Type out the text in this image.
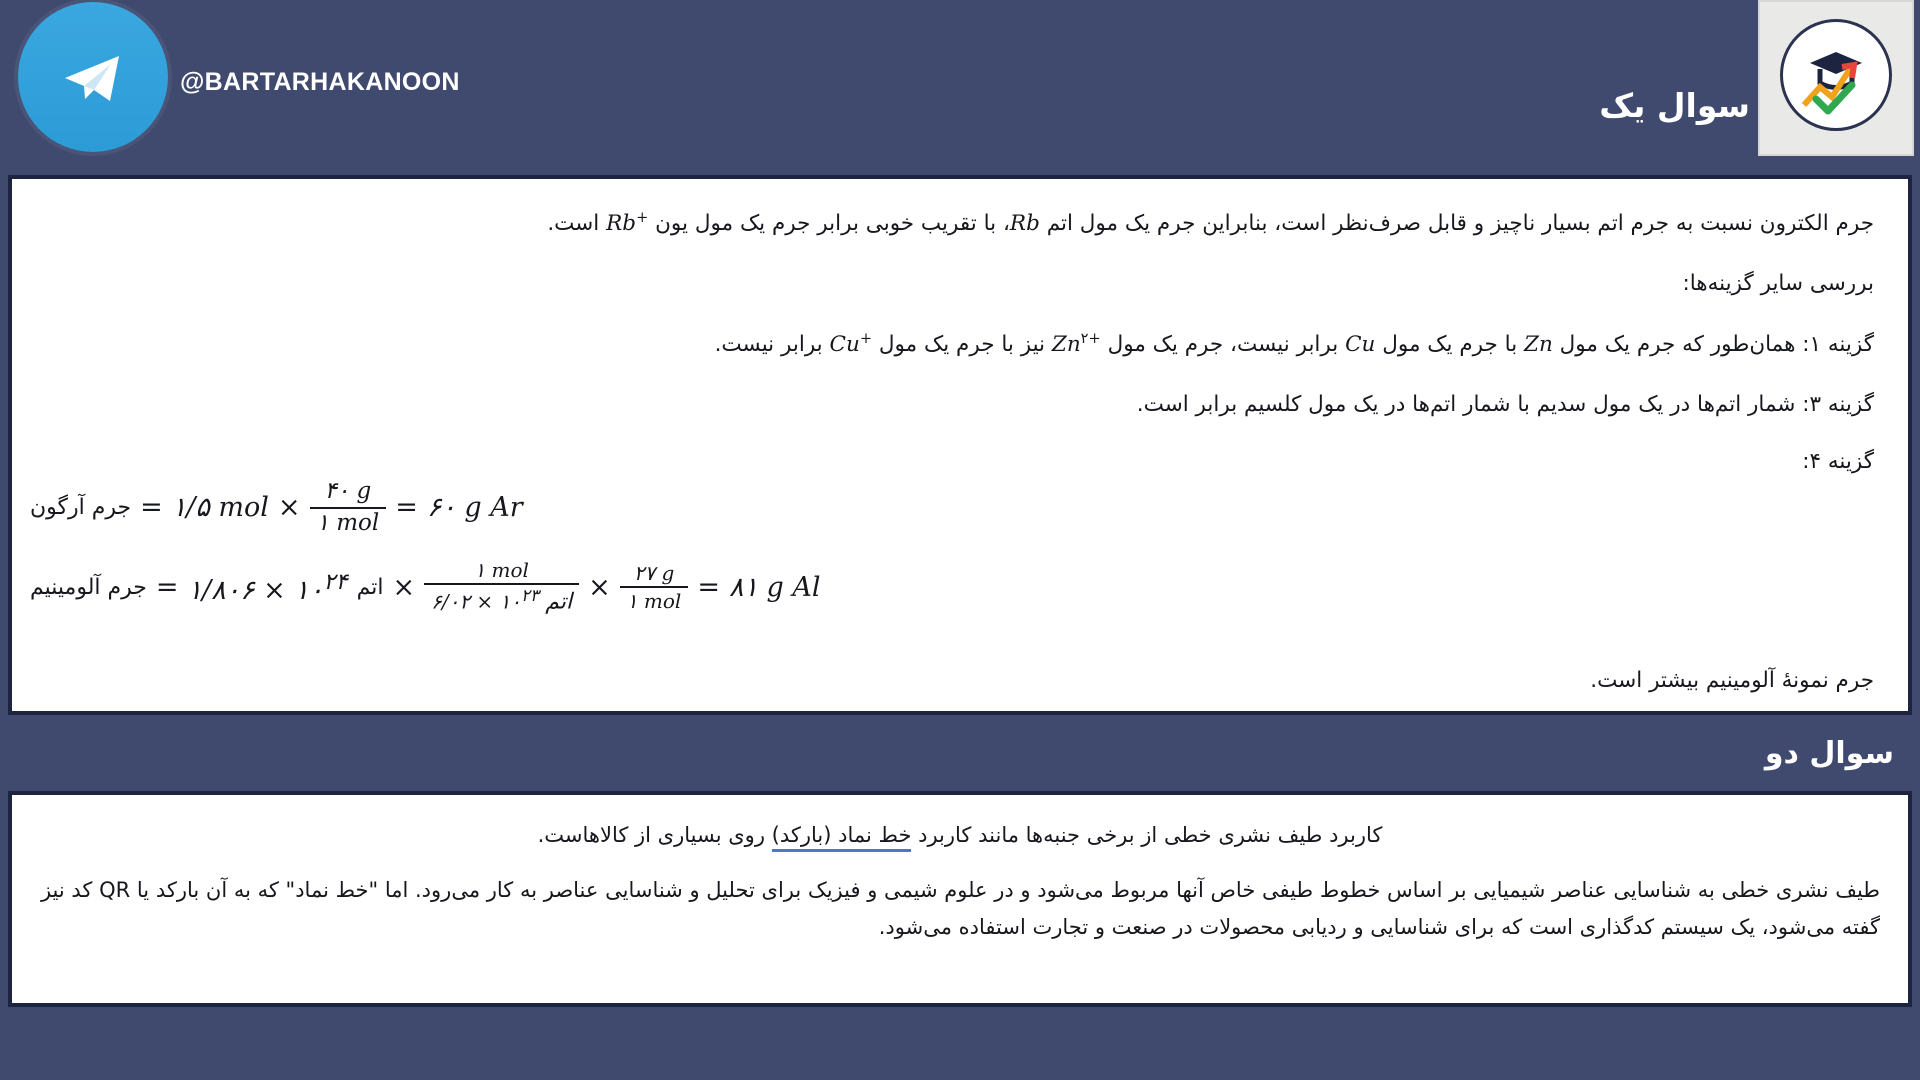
@BARTARHAKANOON

سوال یک

جرم الکترون نسبت به جرم اتم بسیار ناچیز و قابل صرف‌نظر است، بنابراین جرم یک مول اتم Rb، با تقریب خوبی برابر جرم یک مول یون Rb+ است.

بررسی سایر گزینه‌ها:

گزینه ۱: همان‌طور که جرم یک مول Zn با جرم یک مول Cu برابر نیست، جرم یک مول $Zn^{۲+}$ نیز با جرم یک مول Cu+ برابر نیست.

گزینه ۳: شمار اتم‌ها در یک مول سدیم با شمار اتم‌ها در یک مول کلسیم برابر است.

گزینه ۴:

جرم آرگون = ۱/۵ mol × $\frac{۴۰ g}{\text{۱ mol}}$ = ۶۰ g Ar
جرم آلومینیم = ۱/۸۰۶ × $۱۰^{۲۴}$ اتم × $\frac{\text{۱ mol}}{۶/۰۲ \times ۱۰^{۲۳} اتم} \times \frac{۲۷ g}{\text{۱ mol}}$ = ۸۱ g Al
جرم نمونهٔ آلومینیم بیشتر است.
سوال دو

کاربرد طیف نشری خطی از برخی جنبه‌ها مانند کاربرد خط نماد (بارکد) روی بسیاری از کالاهاست.

طیف نشری خطی به شناسایی عناصر شیمیایی بر اساس خطوط طیفی خاص آنها مربوط می‌شود و در علوم شیمی و فیزیک برای تحلیل و شناسایی عناصر به کار می‌رود. اما "خط نماد" که به آن بارکد یا QR کد نیز گفته می‌شود، یک سیستم کدگذاری است که برای شناسایی و ردیابی محصولات در صنعت و تجارت استفاده می‌شود.
